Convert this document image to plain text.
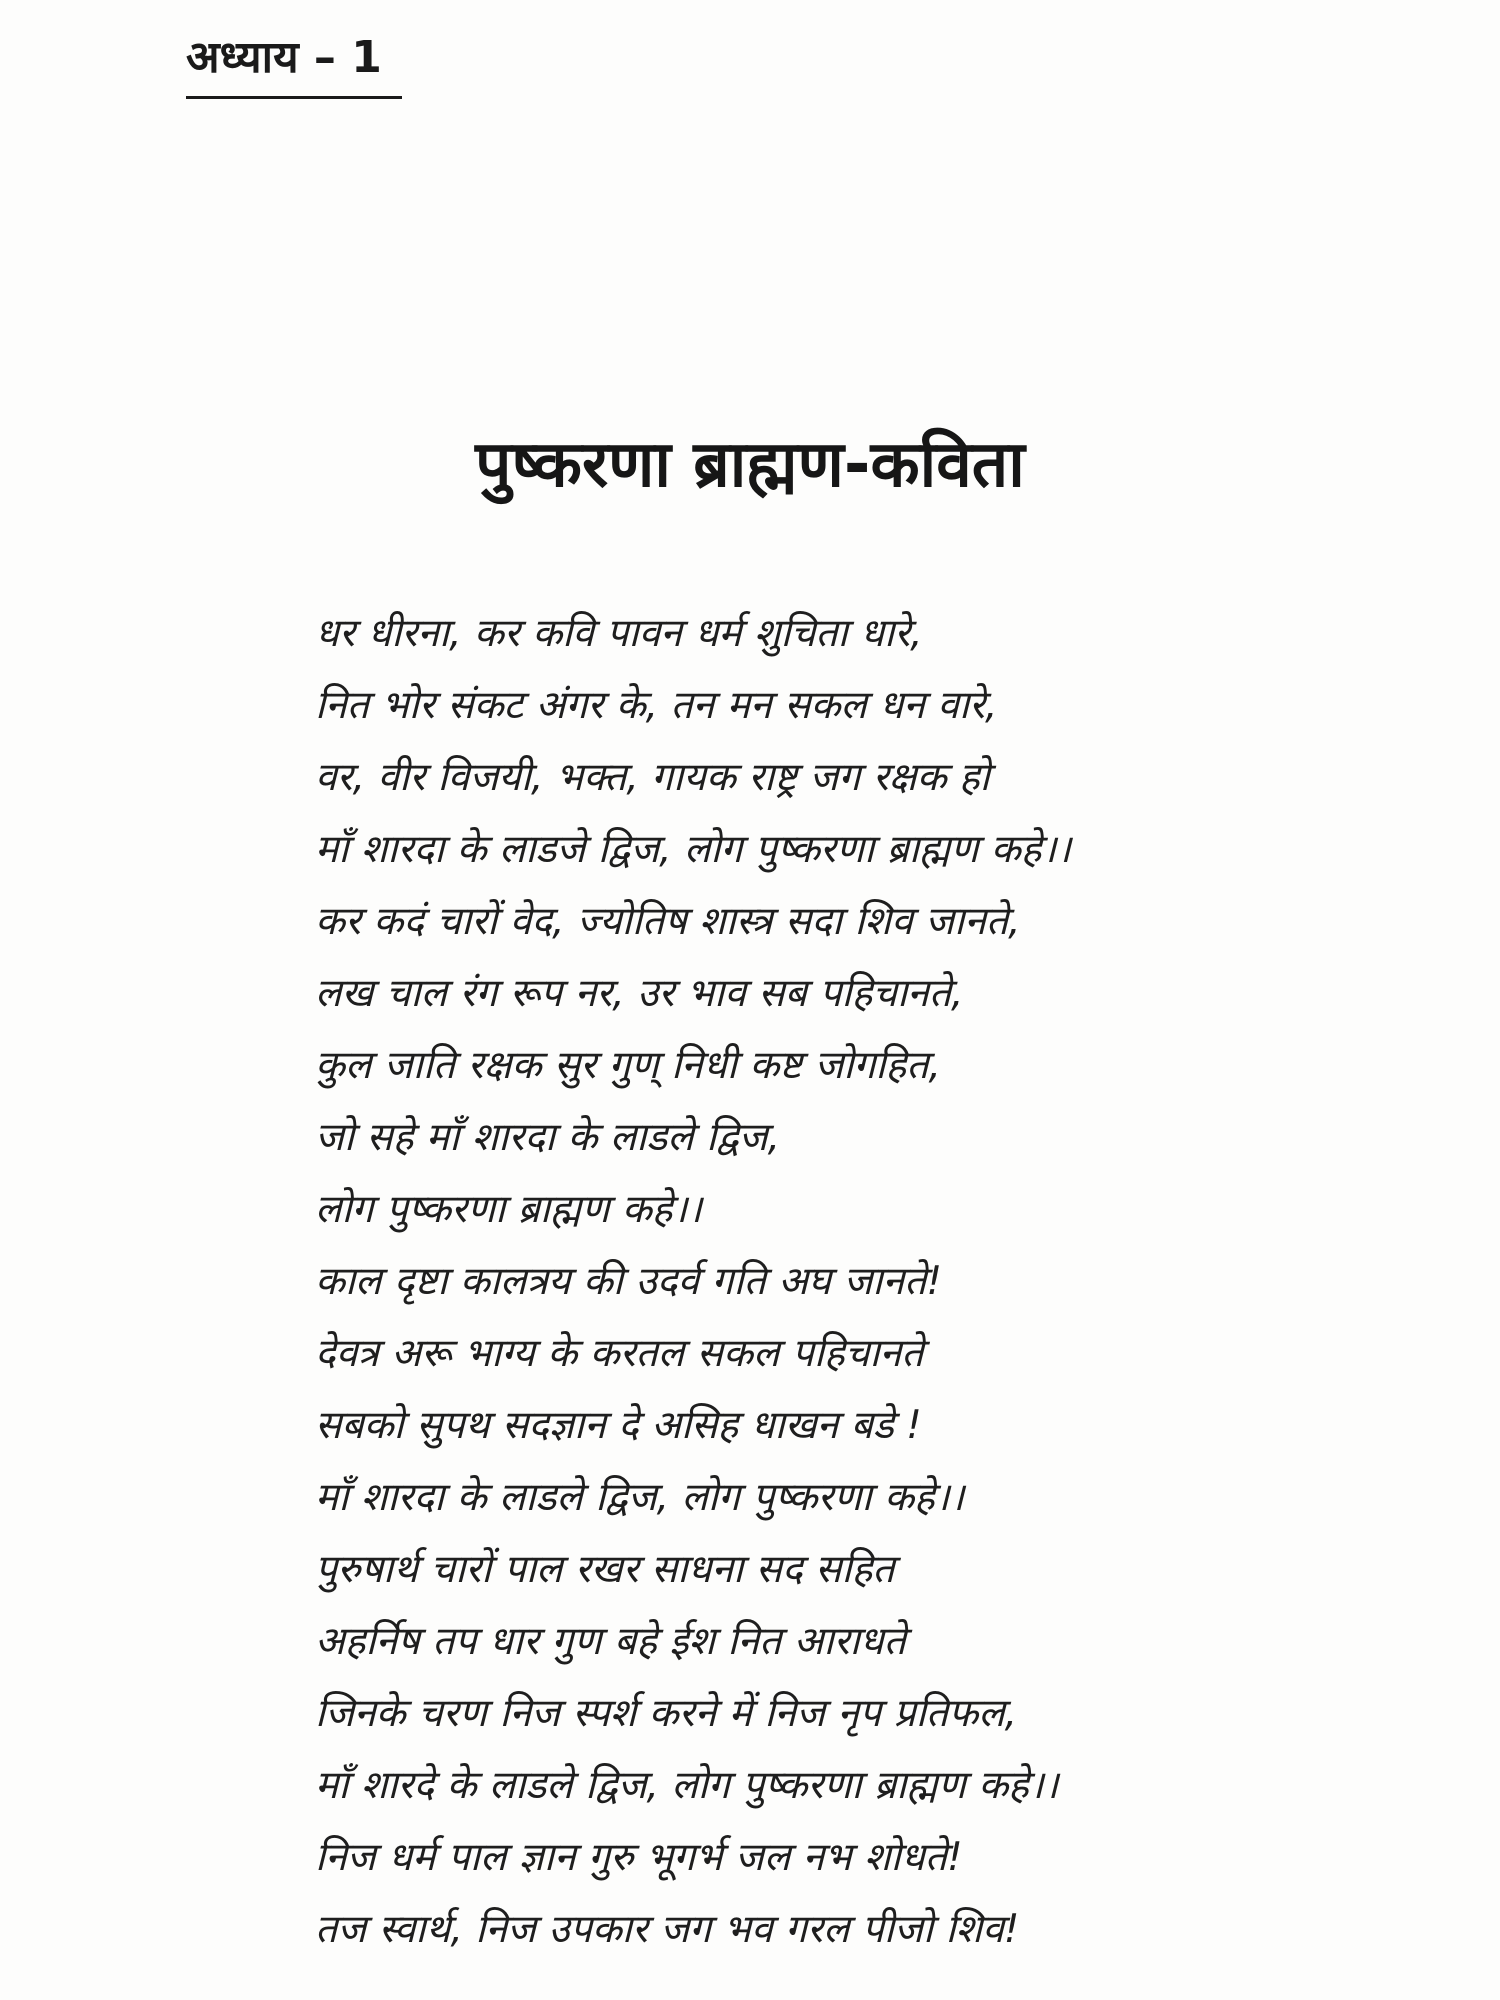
अध्याय – 1
पुष्करणा ब्राह्मण-कविता
धर धीरना, कर कवि पावन धर्म शुचिता धारे,
नित भोर संकट अंगर के, तन मन सकल धन वारे,
वर, वीर विजयी, भक्त, गायक राष्ट्र जग रक्षक हो
माँ शारदा के लाडजे द्विज, लोग पुष्करणा ब्राह्मण कहे।।
कर कदं चारों वेद, ज्योतिष शास्त्र सदा शिव जानते,
लख चाल रंग रूप नर, उर भाव सब पहिचानते,
कुल जाति रक्षक सुर गुण् निधी कष्ट जोगहित,
जो सहे माँ शारदा के लाडले द्विज,
लोग पुष्करणा ब्राह्मण कहे।।
काल दृष्टा कालत्रय की उदर्व गति अघ जानते!
देवत्र अरू भाग्य के करतल सकल पहिचानते
सबको सुपथ सदज्ञान दे असिह धाखन बडे !
माँ शारदा के लाडले द्विज, लोग पुष्करणा कहे।।
पुरुषार्थ चारों पाल रखर साधना सद सहित
अहर्निष तप धार गुण बहे ईश नित आराधते
जिनके चरण निज स्पर्श करने में निज नृप प्रतिफल,
माँ शारदे के लाडले द्विज, लोग पुष्करणा ब्राह्मण कहे।।
निज धर्म पाल ज्ञान गुरु भूगर्भ जल नभ शोधते!
तज स्वार्थ, निज उपकार जग भव गरल पीजो शिव!
